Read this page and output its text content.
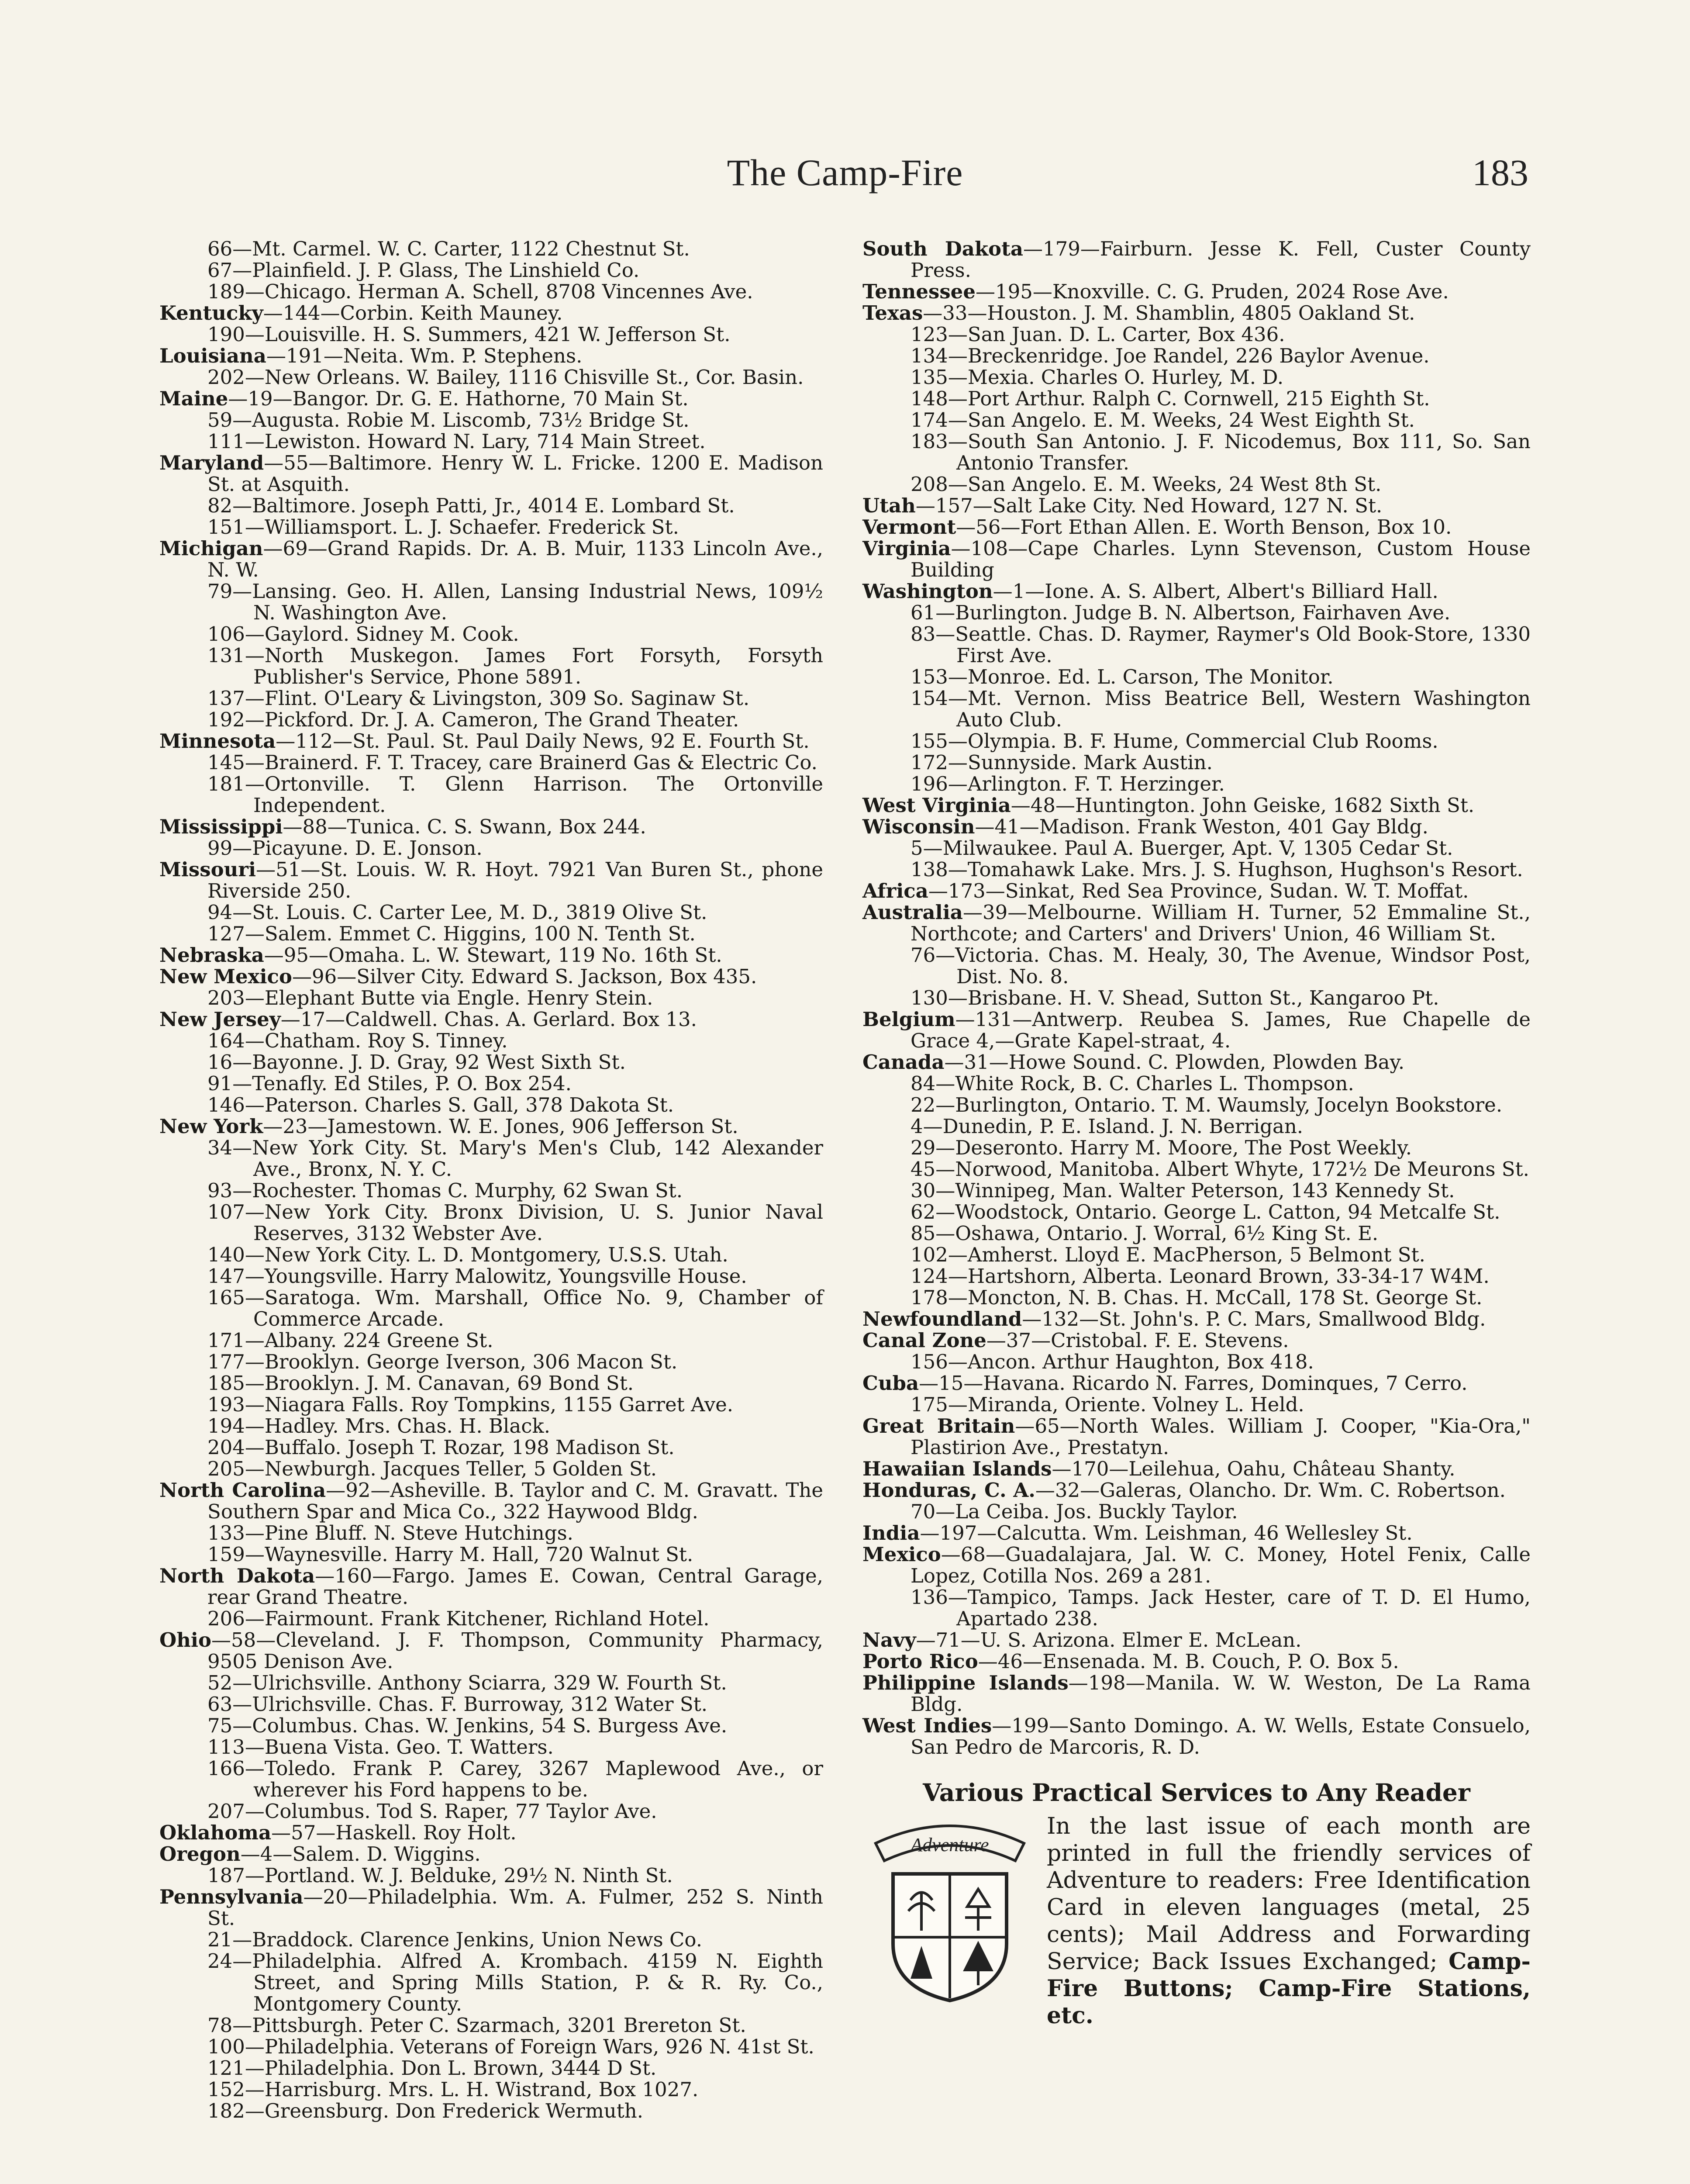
The Camp-Fire	183

66—Mt. Carmel. W. C. Carter, 1122 Chestnut St.

67—Plainfield. J. P. Glass, The Linshield Co.

189—Chicago. Herman A. Schell, 8708 Vincennes Ave.

Kentucky—144—Corbin. Keith Mauney.

190—Louisville. H. S. Summers, 421 W. Jefferson St.

Louisiana—191—Neita. Wm. P. Stephens.

202—New Orleans. W. Bailey, 1116 Chisville St., Cor. Basin.

Maine—19—Bangor. Dr. G. E. Hathorne, 70 Main St.

59—Augusta. Robie M. Liscomb, 73½ Bridge St.

111—Lewiston. Howard N. Lary, 714 Main Street.

Maryland—55—Baltimore. Henry W. L. Fricke. 1200 E. Madison St. at Asquith.

82—Baltimore. Joseph Patti, Jr., 4014 E. Lombard St.

151—Williamsport. L. J. Schaefer. Frederick St.

Michigan—69—Grand Rapids. Dr. A. B. Muir, 1133 Lincoln Ave., N. W.

79—Lansing. Geo. H. Allen, Lansing Industrial News, 109½ N. Washington Ave.

106—Gaylord. Sidney M. Cook.

131—North Muskegon. James Fort Forsyth, Forsyth Publisher's Service, Phone 5891.

137—Flint. O'Leary & Livingston, 309 So. Saginaw St.

192—Pickford. Dr. J. A. Cameron, The Grand Theater.

Minnesota—112—St. Paul. St. Paul Daily News, 92 E. Fourth St.

145—Brainerd. F. T. Tracey, care Brainerd Gas & Electric Co.

181—Ortonville. T. Glenn Harrison. The Ortonville Independent.

Mississippi—88—Tunica. C. S. Swann, Box 244.

99—Picayune. D. E. Jonson.

Missouri—51—St. Louis. W. R. Hoyt. 7921 Van Buren St., phone Riverside 250.

94—St. Louis. C. Carter Lee, M. D., 3819 Olive St.

127—Salem. Emmet C. Higgins, 100 N. Tenth St.

Nebraska—95—Omaha. L. W. Stewart, 119 No. 16th St.

New Mexico—96—Silver City. Edward S. Jackson, Box 435.

203—Elephant Butte via Engle. Henry Stein.

New Jersey—17—Caldwell. Chas. A. Gerlard. Box 13.

164—Chatham. Roy S. Tinney.

16—Bayonne. J. D. Gray, 92 West Sixth St.

91—Tenafly. Ed Stiles, P. O. Box 254.

146—Paterson. Charles S. Gall, 378 Dakota St.

New York—23—Jamestown. W. E. Jones, 906 Jefferson St.

34—New York City. St. Mary's Men's Club, 142 Alexander Ave., Bronx, N. Y. C.

93—Rochester. Thomas C. Murphy, 62 Swan St.

107—New York City. Bronx Division, U. S. Junior Naval Reserves, 3132 Webster Ave.

140—New York City. L. D. Montgomery, U.S.S. Utah.

147—Youngsville. Harry Malowitz, Youngsville House.

165—Saratoga. Wm. Marshall, Office No. 9, Chamber of Commerce Arcade.

171—Albany. 224 Greene St.

177—Brooklyn. George Iverson, 306 Macon St.

185—Brooklyn. J. M. Canavan, 69 Bond St.

193—Niagara Falls. Roy Tompkins, 1155 Garret Ave.

194—Hadley. Mrs. Chas. H. Black.

204—Buffalo. Joseph T. Rozar, 198 Madison St.

205—Newburgh. Jacques Teller, 5 Golden St.

North Carolina—92—Asheville. B. Taylor and C. M. Gravatt. The Southern Spar and Mica Co., 322 Haywood Bldg.

133—Pine Bluff. N. Steve Hutchings.

159—Waynesville. Harry M. Hall, 720 Walnut St.

North Dakota—160—Fargo. James E. Cowan, Central Garage, rear Grand Theatre.

206—Fairmount. Frank Kitchener, Richland Hotel.

Ohio—58—Cleveland. J. F. Thompson, Community Pharmacy, 9505 Denison Ave.

52—Ulrichsville. Anthony Sciarra, 329 W. Fourth St.

63—Ulrichsville. Chas. F. Burroway, 312 Water St.

75—Columbus. Chas. W. Jenkins, 54 S. Burgess Ave.

113—Buena Vista. Geo. T. Watters.

166—Toledo. Frank P. Carey, 3267 Maplewood Ave., or wherever his Ford happens to be.

207—Columbus. Tod S. Raper, 77 Taylor Ave.

Oklahoma—57—Haskell. Roy Holt.

Oregon—4—Salem. D. Wiggins.

187—Portland. W. J. Belduke, 29½ N. Ninth St.

Pennsylvania—20—Philadelphia. Wm. A. Fulmer, 252 S. Ninth St.

21—Braddock. Clarence Jenkins, Union News Co.

24—Philadelphia. Alfred A. Krombach. 4159 N. Eighth Street, and Spring Mills Station, P. & R. Ry. Co., Montgomery County.

78—Pittsburgh. Peter C. Szarmach, 3201 Brereton St.

100—Philadelphia. Veterans of Foreign Wars, 926 N. 41st St.

121—Philadelphia. Don L. Brown, 3444 D St.

152—Harrisburg. Mrs. L. H. Wistrand, Box 1027.

182—Greensburg. Don Frederick Wermuth.

South Dakota—179—Fairburn. Jesse K. Fell, Custer County Press.

Tennessee—195—Knoxville. C. G. Pruden, 2024 Rose Ave.

Texas—33—Houston. J. M. Shamblin, 4805 Oakland St.

123—San Juan. D. L. Carter, Box 436.

134—Breckenridge. Joe Randel, 226 Baylor Avenue.

135—Mexia. Charles O. Hurley, M. D.

148—Port Arthur. Ralph C. Cornwell, 215 Eighth St.

174—San Angelo. E. M. Weeks, 24 West Eighth St.

183—South San Antonio. J. F. Nicodemus, Box 111, So. San Antonio Transfer.

208—San Angelo. E. M. Weeks, 24 West 8th St.

Utah—157—Salt Lake City. Ned Howard, 127 N. St.

Vermont—56—Fort Ethan Allen. E. Worth Benson, Box 10.

Virginia—108—Cape Charles. Lynn Stevenson, Custom House Building

Washington—1—Ione. A. S. Albert, Albert's Billiard Hall.

61—Burlington. Judge B. N. Albertson, Fairhaven Ave.

83—Seattle. Chas. D. Raymer, Raymer's Old Book-Store, 1330 First Ave.

153—Monroe. Ed. L. Carson, The Monitor.

154—Mt. Vernon. Miss Beatrice Bell, Western Washington Auto Club.

155—Olympia. B. F. Hume, Commercial Club Rooms.

172—Sunnyside. Mark Austin.

196—Arlington. F. T. Herzinger.

West Virginia—48—Huntington. John Geiske, 1682 Sixth St.

Wisconsin—41—Madison. Frank Weston, 401 Gay Bldg.

5—Milwaukee. Paul A. Buerger, Apt. V, 1305 Cedar St.

138—Tomahawk Lake. Mrs. J. S. Hughson, Hughson's Resort.

Africa—173—Sinkat, Red Sea Province, Sudan. W. T. Moffat.

Australia—39—Melbourne. William H. Turner, 52 Emmaline St., Northcote; and Carters' and Drivers' Union, 46 William St.

76—Victoria. Chas. M. Healy, 30, The Avenue, Windsor Post, Dist. No. 8.

130—Brisbane. H. V. Shead, Sutton St., Kangaroo Pt.

Belgium—131—Antwerp. Reubea S. James, Rue Chapelle de Grace 4,—Grate Kapel-straat, 4.

Canada—31—Howe Sound. C. Plowden, Plowden Bay.

84—White Rock, B. C. Charles L. Thompson.

22—Burlington, Ontario. T. M. Waumsly, Jocelyn Bookstore.

4—Dunedin, P. E. Island. J. N. Berrigan.

29—Deseronto. Harry M. Moore, The Post Weekly.

45—Norwood, Manitoba. Albert Whyte, 172½ De Meurons St.

30—Winnipeg, Man. Walter Peterson, 143 Kennedy St.

62—Woodstock, Ontario. George L. Catton, 94 Metcalfe St.

85—Oshawa, Ontario. J. Worral, 6½ King St. E.

102—Amherst. Lloyd E. MacPherson, 5 Belmont St.

124—Hartshorn, Alberta. Leonard Brown, 33-34-17 W4M.

178—Moncton, N. B. Chas. H. McCall, 178 St. George St.

Newfoundland—132—St. John's. P. C. Mars, Smallwood Bldg.

Canal Zone—37—Cristobal. F. E. Stevens.

156—Ancon. Arthur Haughton, Box 418.

Cuba—15—Havana. Ricardo N. Farres, Dominques, 7 Cerro.

175—Miranda, Oriente. Volney L. Held.

Great Britain—65—North Wales. William J. Cooper, "Kia-Ora," Plastirion Ave., Prestatyn.

Hawaiian Islands—170—Leilehua, Oahu, Château Shanty.

Honduras, C. A.—32—Galeras, Olancho. Dr. Wm. C. Robertson.

70—La Ceiba. Jos. Buckly Taylor.

India—197—Calcutta. Wm. Leishman, 46 Wellesley St.

Mexico—68—Guadalajara, Jal. W. C. Money, Hotel Fenix, Calle Lopez, Cotilla Nos. 269 a 281.

136—Tampico, Tamps. Jack Hester, care of T. D. El Humo, Apartado 238.

Navy—71—U. S. Arizona. Elmer E. McLean.

Porto Rico—46—Ensenada. M. B. Couch, P. O. Box 5.

Philippine Islands—198—Manila. W. W. Weston, De La Rama Bldg.

West Indies—199—Santo Domingo. A. W. Wells, Estate Consuelo, San Pedro de Marcoris, R. D.

Various Practical Services to Any Reader
Adventure
In the last issue of each month are printed in full the friendly services of Adventure to readers: Free Identification Card in eleven languages (metal, 25 cents); Mail Address and Forwarding Service; Back Issues Exchanged; Camp-Fire Buttons; Camp-Fire Stations, etc.
